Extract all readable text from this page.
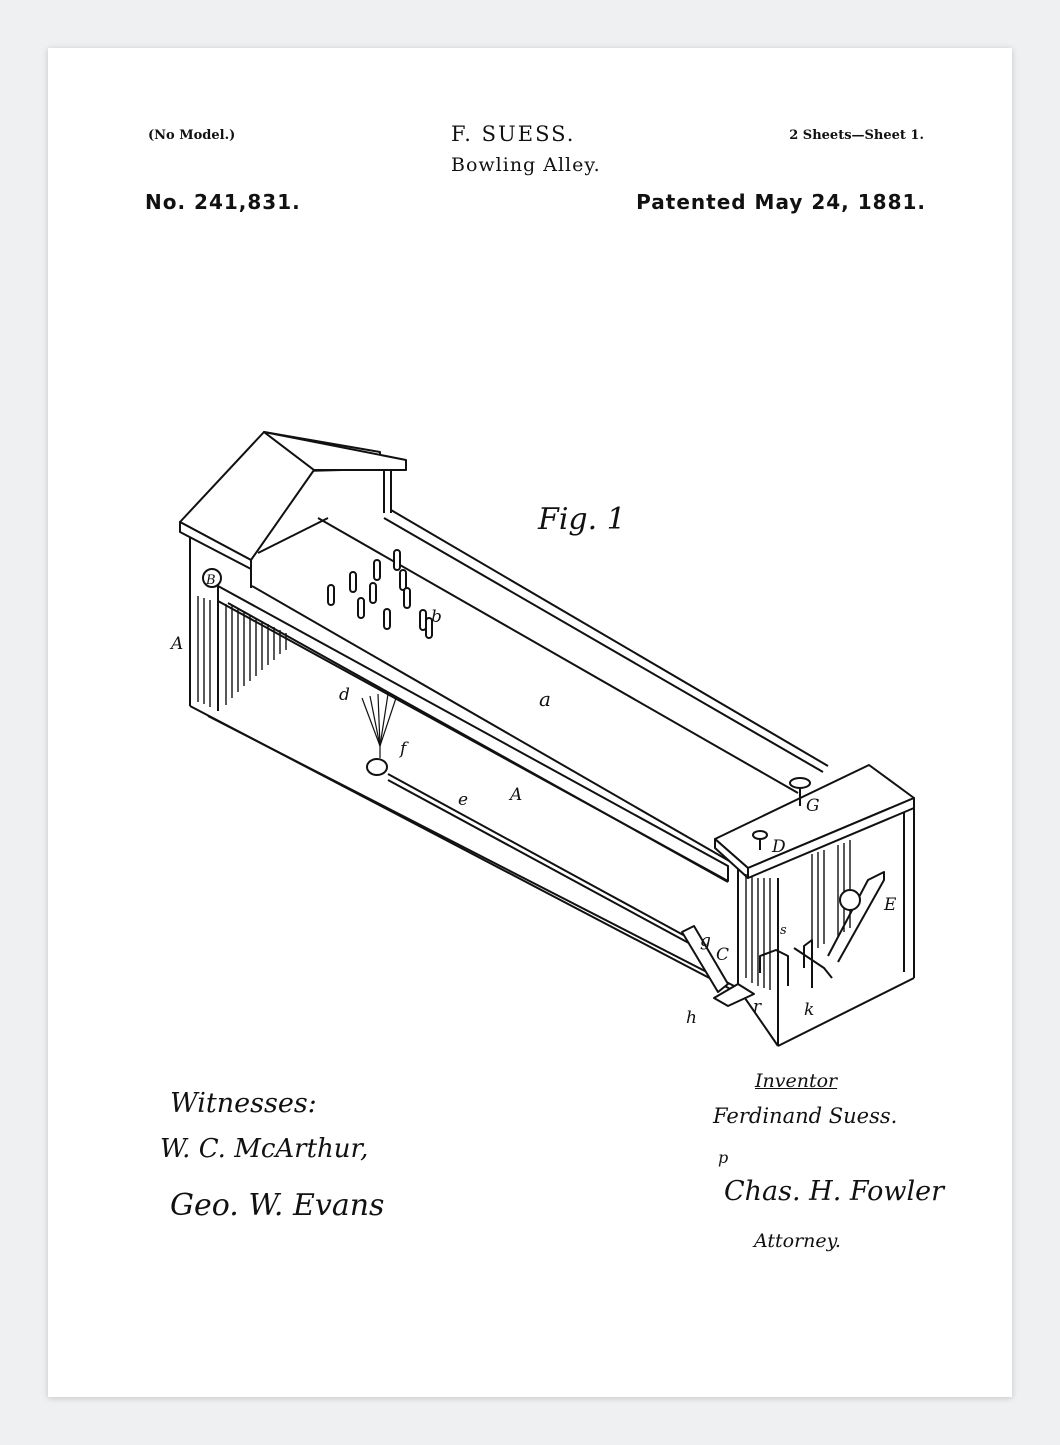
(No Model.)	F. SUESS.
Bowling Alley.
2 Sheets—Sheet 1.
No. 241,831.	Patented May 24, 1881.
A
B
b
a
d
f
e A
G
D
E
C
g
h
r	k
s
Fig. 1
Witnesses:
W. C. McArthur,
Geo. W. Evans
Inventor
Ferdinand Suess.
p
Chas. H. Fowler
Attorney.
